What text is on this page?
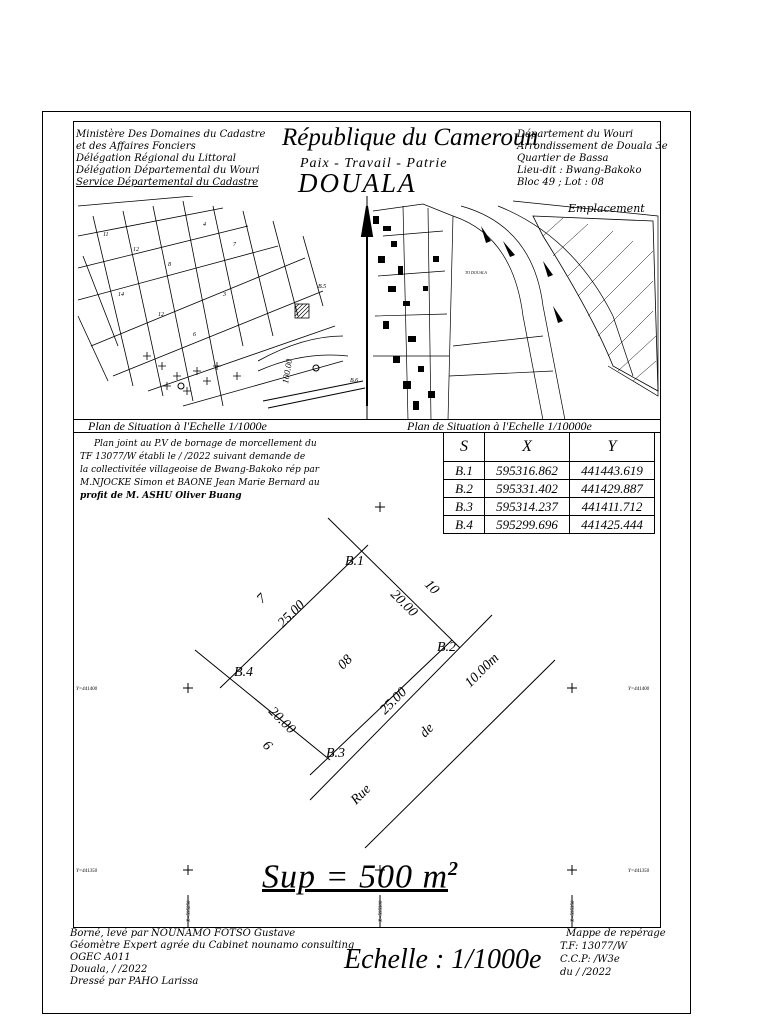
Ministère Des Domaines du Cadastre
et des Affaires Fonciers
Délégation Régional du Littoral
Délégation Départemental du Wouri
Service Départemental du Cadastre
République du Cameroun
Paix - Travail - Patrie
DOUALA
Département du Wouri
Arrondissement de Douala 3e
Quartier de Bassa
Lieu-dit : Bwang-Bakoko
Bloc 49 ; Lot : 08
Emplacement
11
12
8
4
7
14
12
6
3
100.00
B.5
B.6
TO DOUALA
Plan de Situation à l'Echelle 1/1000e	Plan de Situation à l'Echelle 1/10000e
Plan joint au P.V de bornage de morcellement du
TF 13077/W établi le / /2022 suivant demande de
la collectivitée villageoise de Bwang-Bakoko rép par
M.NJOCKE Simon et BAONE Jean Marie Bernard au
profit de M. ASHU Oliver Buang
S	X	Y
B.1	595316.862	441443.619
B.2	595331.402	441429.887
B.3	595314.237	441411.712
B.4	595299.696	441425.444
B.1
B.2
B.3
B.4	08
25.00	20.00
20.00
25.00
7
10
6
10.00m
de
Rue
Y=441400	Y=441400
Y=441350	Y=441350
X=595250	X=595300	X=595350
Sup = 500 $m^2$
Borné, levé par NOUNAMO FOTSO Gustave
Géomètre Expert agrée du Cabinet nounamo consulting
OGEC A011
Douala, / /2022
Dressé par PAHO Larissa
Echelle : 1/1000e
Mappe de repérage
T.F: 13077/W
C.C.P: /W3e
du / /2022
